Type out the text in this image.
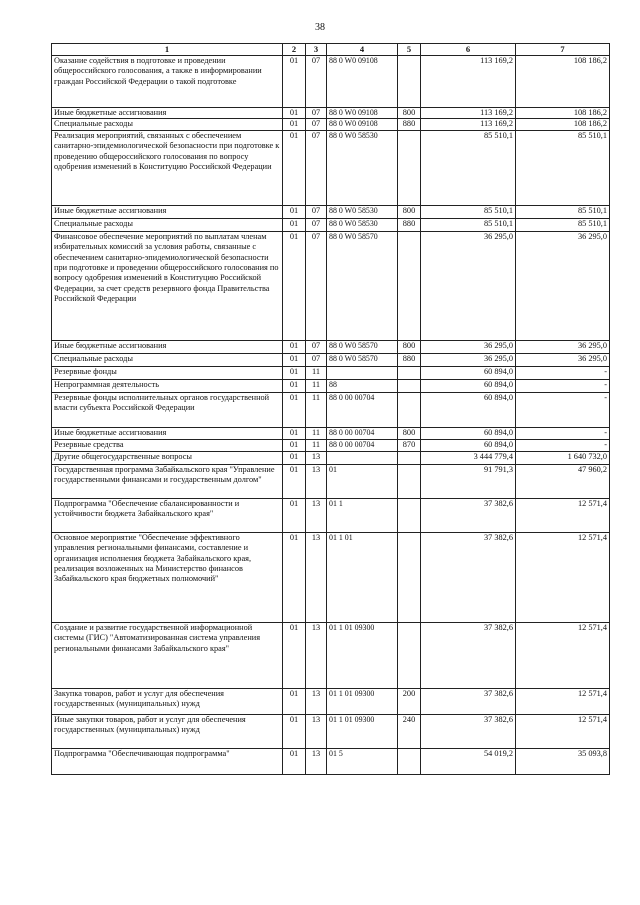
38
1	2	3	4	5	6	7
Оказание содействия в подготовке и проведении общероссийского голосования, а также в информировании граждан Российской Федерации о такой подготовке	01	07	88 0 W0 09108		113 169,2	108 186,2
Иные бюджетные ассигнования	01	07	88 0 W0 09108	800	113 169,2	108 186,2
Специальные расходы	01	07	88 0 W0 09108	880	113 169,2	108 186,2
Реализация мероприятий, связанных с обеспечением санитарно-эпидемиологической безопасности при подготовке к проведению общероссийского голосования по вопросу одобрения изменений в Конституцию Российской Федерации	01	07	88 0 W0 58530		85 510,1	85 510,1
Иные бюджетные ассигнования	01	07	88 0 W0 58530	800	85 510,1	85 510,1
Специальные расходы	01	07	88 0 W0 58530	880	85 510,1	85 510,1
Финансовое обеспечение мероприятий по выплатам членам избирательных комиссий за условия работы, связанные с обеспечением санитарно-эпидемиологической безопасности при подготовке и проведении общероссийского голосования по вопросу одобрения изменений в Конституцию Российской Федерации, за счет средств резервного фонда Правительства Российской Федерации	01	07	88 0 W0 58570		36 295,0	36 295,0
Иные бюджетные ассигнования	01	07	88 0 W0 58570	800	36 295,0	36 295,0
Специальные расходы	01	07	88 0 W0 58570	880	36 295,0	36 295,0
Резервные фонды	01	11			60 894,0	-
Непрограммная деятельность	01	11	88		60 894,0	-
Резервные фонды исполнительных органов государственной власти субъекта Российской Федерации	01	11	88 0 00 00704		60 894,0	-
Иные бюджетные ассигнования	01	11	88 0 00 00704	800	60 894,0	-
Резервные средства	01	11	88 0 00 00704	870	60 894,0	-
Другие общегосударственные вопросы	01	13			3 444 779,4	1 640 732,0
Государственная программа Забайкальского края "Управление государственными финансами и государственным долгом"	01	13	01		91 791,3	47 960,2
Подпрограмма "Обеспечение сбалансированности и устойчивости бюджета Забайкальского края"	01	13	01 1		37 382,6	12 571,4
Основное мероприятие "Обеспечение эффективного управления региональными финансами, составление и организация исполнения бюджета Забайкальского края, реализация возложенных на Министерство финансов Забайкальского края бюджетных полномочий"	01	13	01 1 01		37 382,6	12 571,4
Создание и развитие государственной информационной системы (ГИС) "Автоматизированная система управления региональными финансами Забайкальского края"	01	13	01 1 01 09300		37 382,6	12 571,4
Закупка товаров, работ и услуг для обеспечения государственных (муниципальных) нужд	01	13	01 1 01 09300	200	37 382,6	12 571,4
Иные закупки товаров, работ и услуг для обеспечения государственных (муниципальных) нужд	01	13	01 1 01 09300	240	37 382,6	12 571,4
Подпрограмма "Обеспечивающая подпрограмма"	01	13	01 5		54 019,2	35 093,8
